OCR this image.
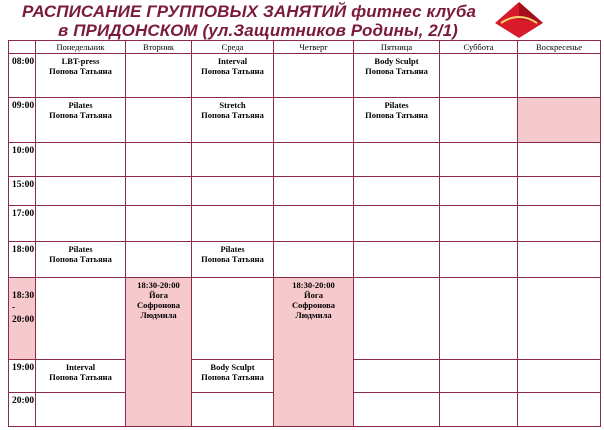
РАСПИСАНИЕ ГРУППОВЫХ ЗАНЯТИЙ фитнес клуба
в ПРИДОНСКОМ (ул.Защитников Родины, 2/1)
	Понедельник	Вторник	Среда	Четверг	Пятница	Суббота	Воскресенье
08:00	LBT-press
Попова Татьяна		Interval
Попова Татьяна		Body Sculpt
Попова Татьяна		

09:00	Pilates
Попова Татьяна		Stretch
Попова Татьяна		Pilates
Попова Татьяна		

10:00							
15:00							
17:00							
18:00	Pilates
Попова Татьяна		Pilates
Попова Татьяна				

18:30 - 20:00		18:30-20:00
Йога
Софронова
Людмила		18:30-20:00
Йога
Софронова
Людмила			

19:00	Interval
Попова Татьяна		Body Sculpt
Попова Татьяна				

20:00							
